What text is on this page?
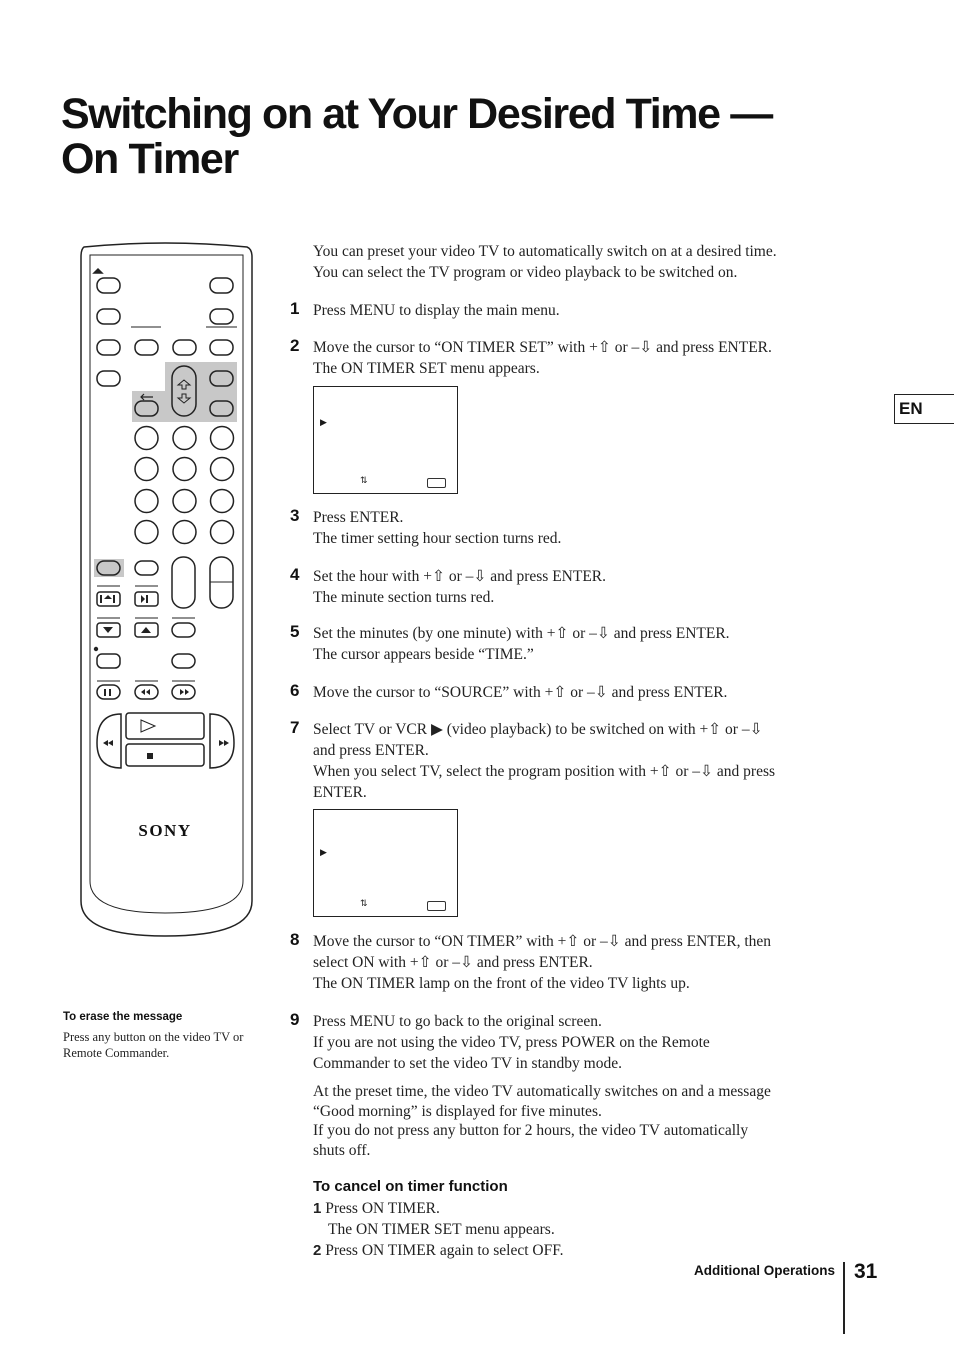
Switching on at Your Desired Time —
On Timer
EN
SONY
You can preset your video TV to automatically switch on at a desired time.
You can select the TV program or video playback to be switched on.
1 Press MENU to display the main menu.
2 Move the cursor to “ON TIMER SET” with +⇧ or –⇩ and press ENTER.
The ON TIMER SET menu appears.
▶
⇅
3 Press ENTER.
The timer setting hour section turns red.
4 Set the hour with +⇧ or –⇩ and press ENTER.
The minute section turns red.
5 Set the minutes (by one minute) with +⇧ or –⇩ and press ENTER.
The cursor appears beside “TIME.”
6 Move the cursor to “SOURCE” with +⇧ or –⇩ and press ENTER.
7 Select TV or VCR ▶ (video playback) to be switched on with +⇧ or –⇩
and press ENTER.
When you select TV, select the program position with +⇧ or –⇩ and press
ENTER.
▶
⇅
8 Move the cursor to “ON TIMER” with +⇧ or –⇩ and press ENTER, then
select ON with +⇧ or –⇩ and press ENTER.
The ON TIMER lamp on the front of the video TV lights up.
9 Press MENU to go back to the original screen.
If you are not using the video TV, press POWER on the Remote
Commander to set the video TV in standby mode.
At the preset time, the video TV automatically switches on and a message
“Good morning” is displayed for five minutes.
If you do not press any button for 2 hours, the video TV automatically
shuts off.
To cancel on timer function
1 Press ON TIMER.
The ON TIMER SET menu appears.
2 Press ON TIMER again to select OFF.
To erase the message
Press any button on the video TV or
Remote Commander.
Additional Operations 31
